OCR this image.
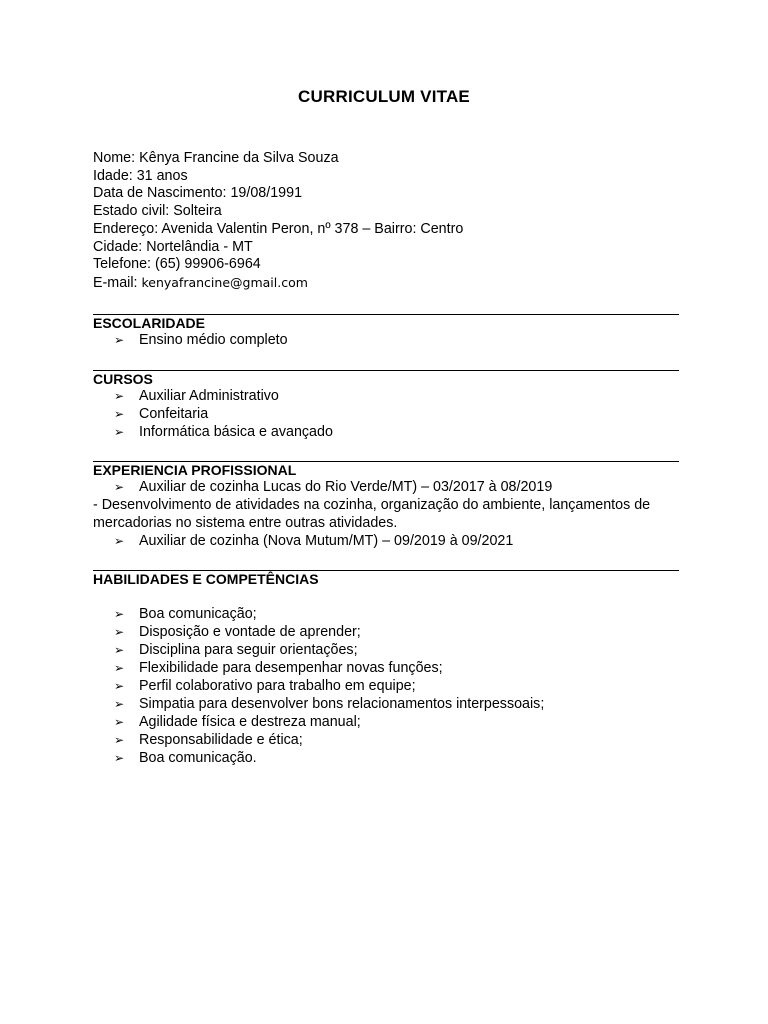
CURRICULUM VITAE
Nome: Kênya Francine da Silva Souza
Idade: 31 anos
Data de Nascimento: 19/08/1991
Estado civil: Solteira
Endereço: Avenida Valentin Peron, nº 378 – Bairro: Centro
Cidade: Nortelândia - MT
Telefone: (65) 99906-6964
E-mail: kenyafrancine@gmail.com
ESCOLARIDADE
➢ Ensino médio completo
CURSOS
➢ Auxiliar Administrativo
➢ Confeitaria
➢ Informática básica e avançado
EXPERIENCIA PROFISSIONAL
➢ Auxiliar de cozinha Lucas do Rio Verde/MT) – 03/2017 à 08/2019
- Desenvolvimento de atividades na cozinha, organização do ambiente, lançamentos de mercadorias no sistema entre outras atividades.
➢ Auxiliar de cozinha (Nova Mutum/MT) – 09/2019 à 09/2021
HABILIDADES E COMPETÊNCIAS
➢ Boa comunicação;
➢ Disposição e vontade de aprender;
➢ Disciplina para seguir orientações;
➢ Flexibilidade para desempenhar novas funções;
➢ Perfil colaborativo para trabalho em equipe;
➢ Simpatia para desenvolver bons relacionamentos interpessoais;
➢ Agilidade física e destreza manual;
➢ Responsabilidade e ética;
➢ Boa comunicação.
